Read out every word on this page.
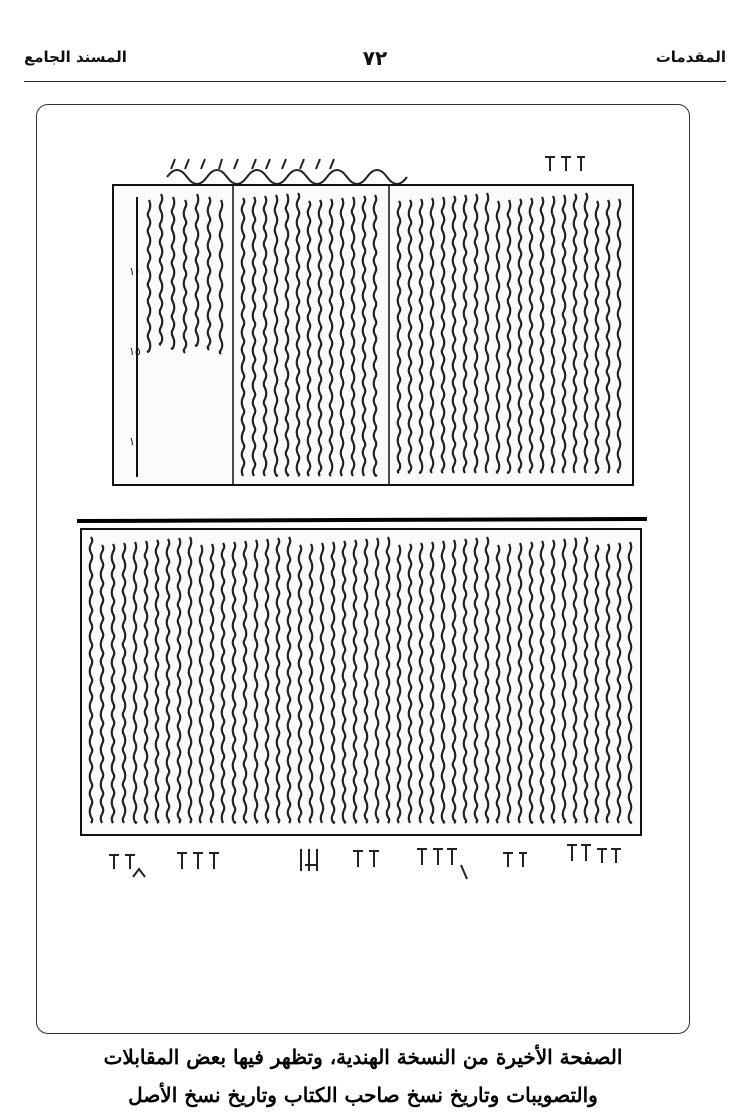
المقدمات
٧٢
المسند الجامع
١٠
١٥
١
الصفحة الأخيرة من النسخة الهندية، وتظهر فيها بعض المقابلات
والتصويبات وتاريخ نسخ صاحب الكتاب وتاريخ نسخ الأصل
